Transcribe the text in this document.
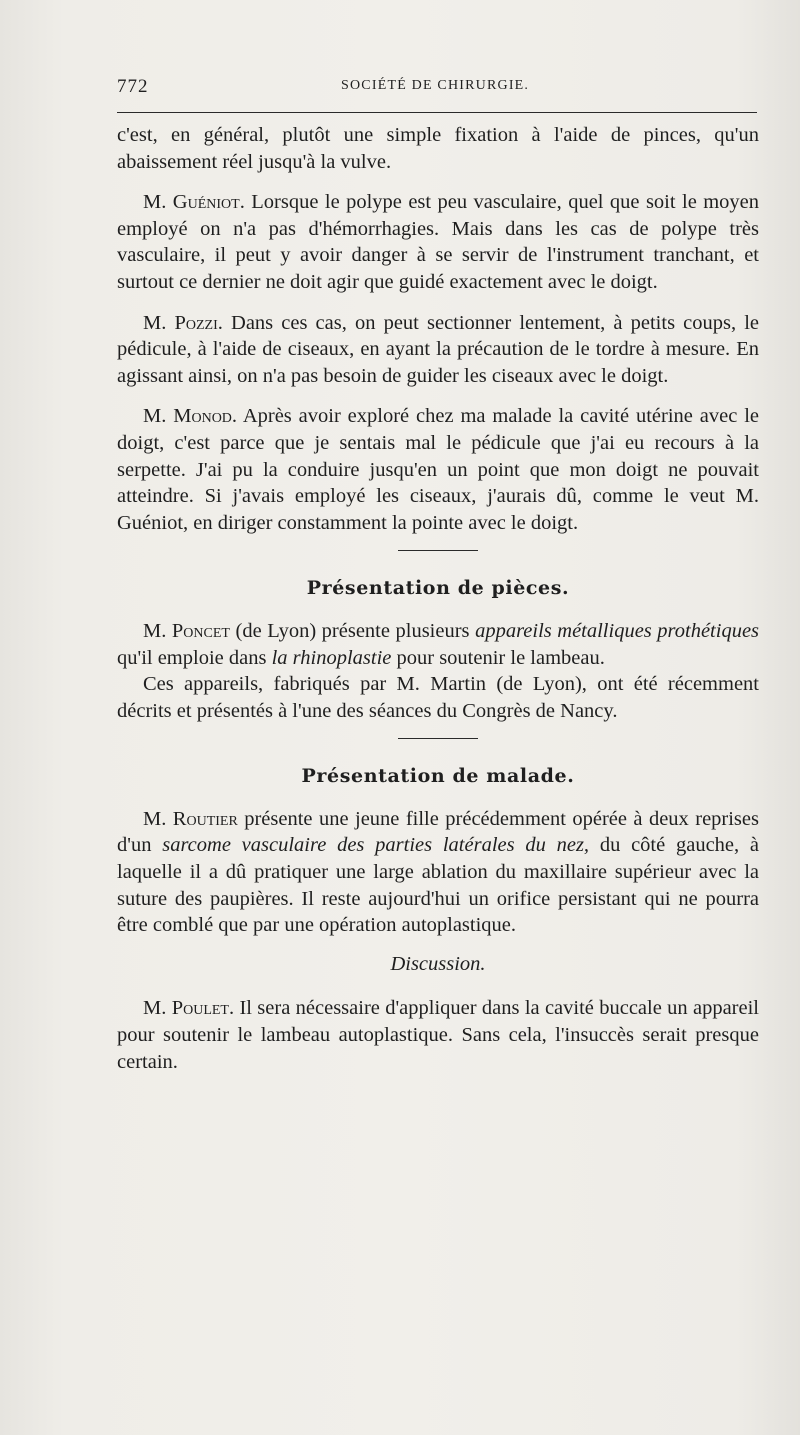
772	SOCIÉTÉ DE CHIRURGIE.

c'est, en général, plutôt une simple fixation à l'aide de pinces, qu'un abaissement réel jusqu'à la vulve.

M. Guéniot. Lorsque le polype est peu vasculaire, quel que soit le moyen employé on n'a pas d'hémorrhagies. Mais dans les cas de polype très vasculaire, il peut y avoir danger à se servir de l'instrument tranchant, et surtout ce dernier ne doit agir que guidé exactement avec le doigt.

M. Pozzi. Dans ces cas, on peut sectionner lentement, à petits coups, le pédicule, à l'aide de ciseaux, en ayant la précaution de le tordre à mesure. En agissant ainsi, on n'a pas besoin de guider les ciseaux avec le doigt.

M. Monod. Après avoir exploré chez ma malade la cavité utérine avec le doigt, c'est parce que je sentais mal le pédicule que j'ai eu recours à la serpette. J'ai pu la conduire jusqu'en un point que mon doigt ne pouvait atteindre. Si j'avais employé les ciseaux, j'aurais dû, comme le veut M. Guéniot, en diriger constamment la pointe avec le doigt.

Présentation de pièces.

M. Poncet (de Lyon) présente plusieurs appareils métalliques prothétiques qu'il emploie dans la rhinoplastie pour soutenir le lambeau.

Ces appareils, fabriqués par M. Martin (de Lyon), ont été récemment décrits et présentés à l'une des séances du Congrès de Nancy.

Présentation de malade.

M. Routier présente une jeune fille précédemment opérée à deux reprises d'un sarcome vasculaire des parties latérales du nez, du côté gauche, à laquelle il a dû pratiquer une large ablation du maxillaire supérieur avec la suture des paupières. Il reste aujourd'hui un orifice persistant qui ne pourra être comblé que par une opération autoplastique.

Discussion.

M. Poulet. Il sera nécessaire d'appliquer dans la cavité buccale un appareil pour soutenir le lambeau autoplastique. Sans cela, l'insuccès serait presque certain.
